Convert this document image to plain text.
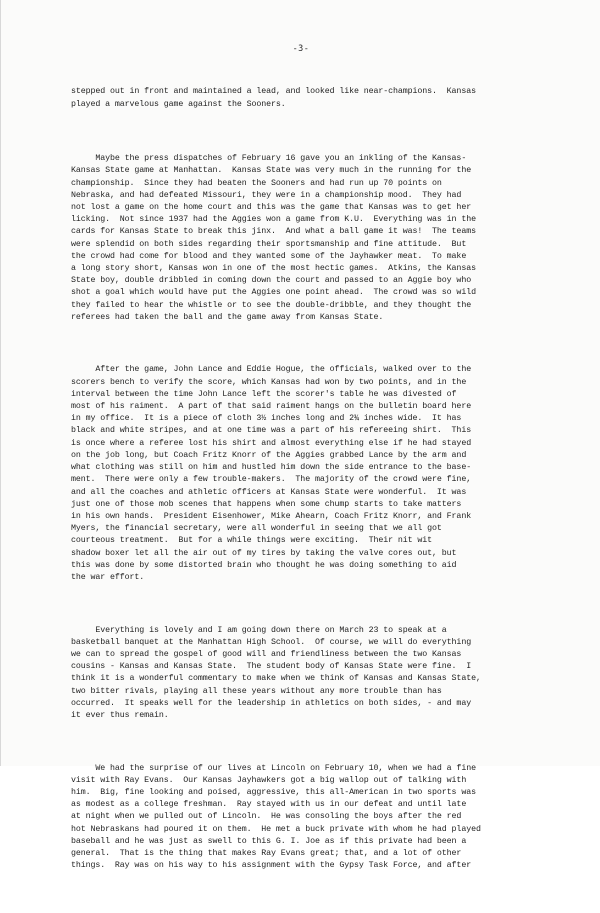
-3-

stepped out in front and maintained a lead, and looked like near-champions.  Kansas
played a marvelous game against the Sooners.

Maybe the press dispatches of February 16 gave you an inkling of the Kansas-
Kansas State game at Manhattan.  Kansas State was very much in the running for the
championship.  Since they had beaten the Sooners and had run up 70 points on
Nebraska, and had defeated Missouri, they were in a championship mood.  They had
not lost a game on the home court and this was the game that Kansas was to get her
licking.  Not since 1937 had the Aggies won a game from K.U.  Everything was in the
cards for Kansas State to break this jinx.  And what a ball game it was!  The teams
were splendid on both sides regarding their sportsmanship and fine attitude.  But
the crowd had come for blood and they wanted some of the Jayhawker meat.  To make
a long story short, Kansas won in one of the most hectic games.  Atkins, the Kansas
State boy, double dribbled in coming down the court and passed to an Aggie boy who
shot a goal which would have put the Aggies one point ahead.  The crowd was so wild
they failed to hear the whistle or to see the double-dribble, and they thought the
referees had taken the ball and the game away from Kansas State.

After the game, John Lance and Eddie Hogue, the officials, walked over to the
scorers bench to verify the score, which Kansas had won by two points, and in the
interval between the time John Lance left the scorer's table he was divested of
most of his raiment.  A part of that said raiment hangs on the bulletin board here
in my office.  It is a piece of cloth 3½ inches long and 2¾ inches wide.  It has
black and white stripes, and at one time was a part of his refereeing shirt.  This
is once where a referee lost his shirt and almost everything else if he had stayed
on the job long, but Coach Fritz Knorr of the Aggies grabbed Lance by the arm and
what clothing was still on him and hustled him down the side entrance to the base-
ment.  There were only a few trouble-makers.  The majority of the crowd were fine,
and all the coaches and athletic officers at Kansas State were wonderful.  It was
just one of those mob scenes that happens when some chump starts to take matters
in his own hands.  President Eisenhower, Mike Ahearn, Coach Fritz Knorr, and Frank
Myers, the financial secretary, were all wonderful in seeing that we all got
courteous treatment.  But for a while things were exciting.  Their nit wit
shadow boxer let all the air out of my tires by taking the valve cores out, but
this was done by some distorted brain who thought he was doing something to aid
the war effort.

Everything is lovely and I am going down there on March 23 to speak at a
basketball banquet at the Manhattan High School.  Of course, we will do everything
we can to spread the gospel of good will and friendliness between the two Kansas
cousins - Kansas and Kansas State.  The student body of Kansas State were fine.  I
think it is a wonderful commentary to make when we think of Kansas and Kansas State,
two bitter rivals, playing all these years without any more trouble than has
occurred.  It speaks well for the leadership in athletics on both sides, - and may
it ever thus remain.

We had the surprise of our lives at Lincoln on February 10, when we had a fine
visit with Ray Evans.  Our Kansas Jayhawkers got a big wallop out of talking with
him.  Big, fine looking and poised, aggressive, this all-American in two sports was
as modest as a college freshman.  Ray stayed with us in our defeat and until late
at night when we pulled out of Lincoln.  He was consoling the boys after the red
hot Nebraskans had poured it on them.  He met a buck private with whom he had played
baseball and he was just as swell to this G. I. Joe as if this private had been a
general.  That is the thing that makes Ray Evans great; that, and a lot of other
things.  Ray was on his way to his assignment with the Gypsy Task Force, and after
